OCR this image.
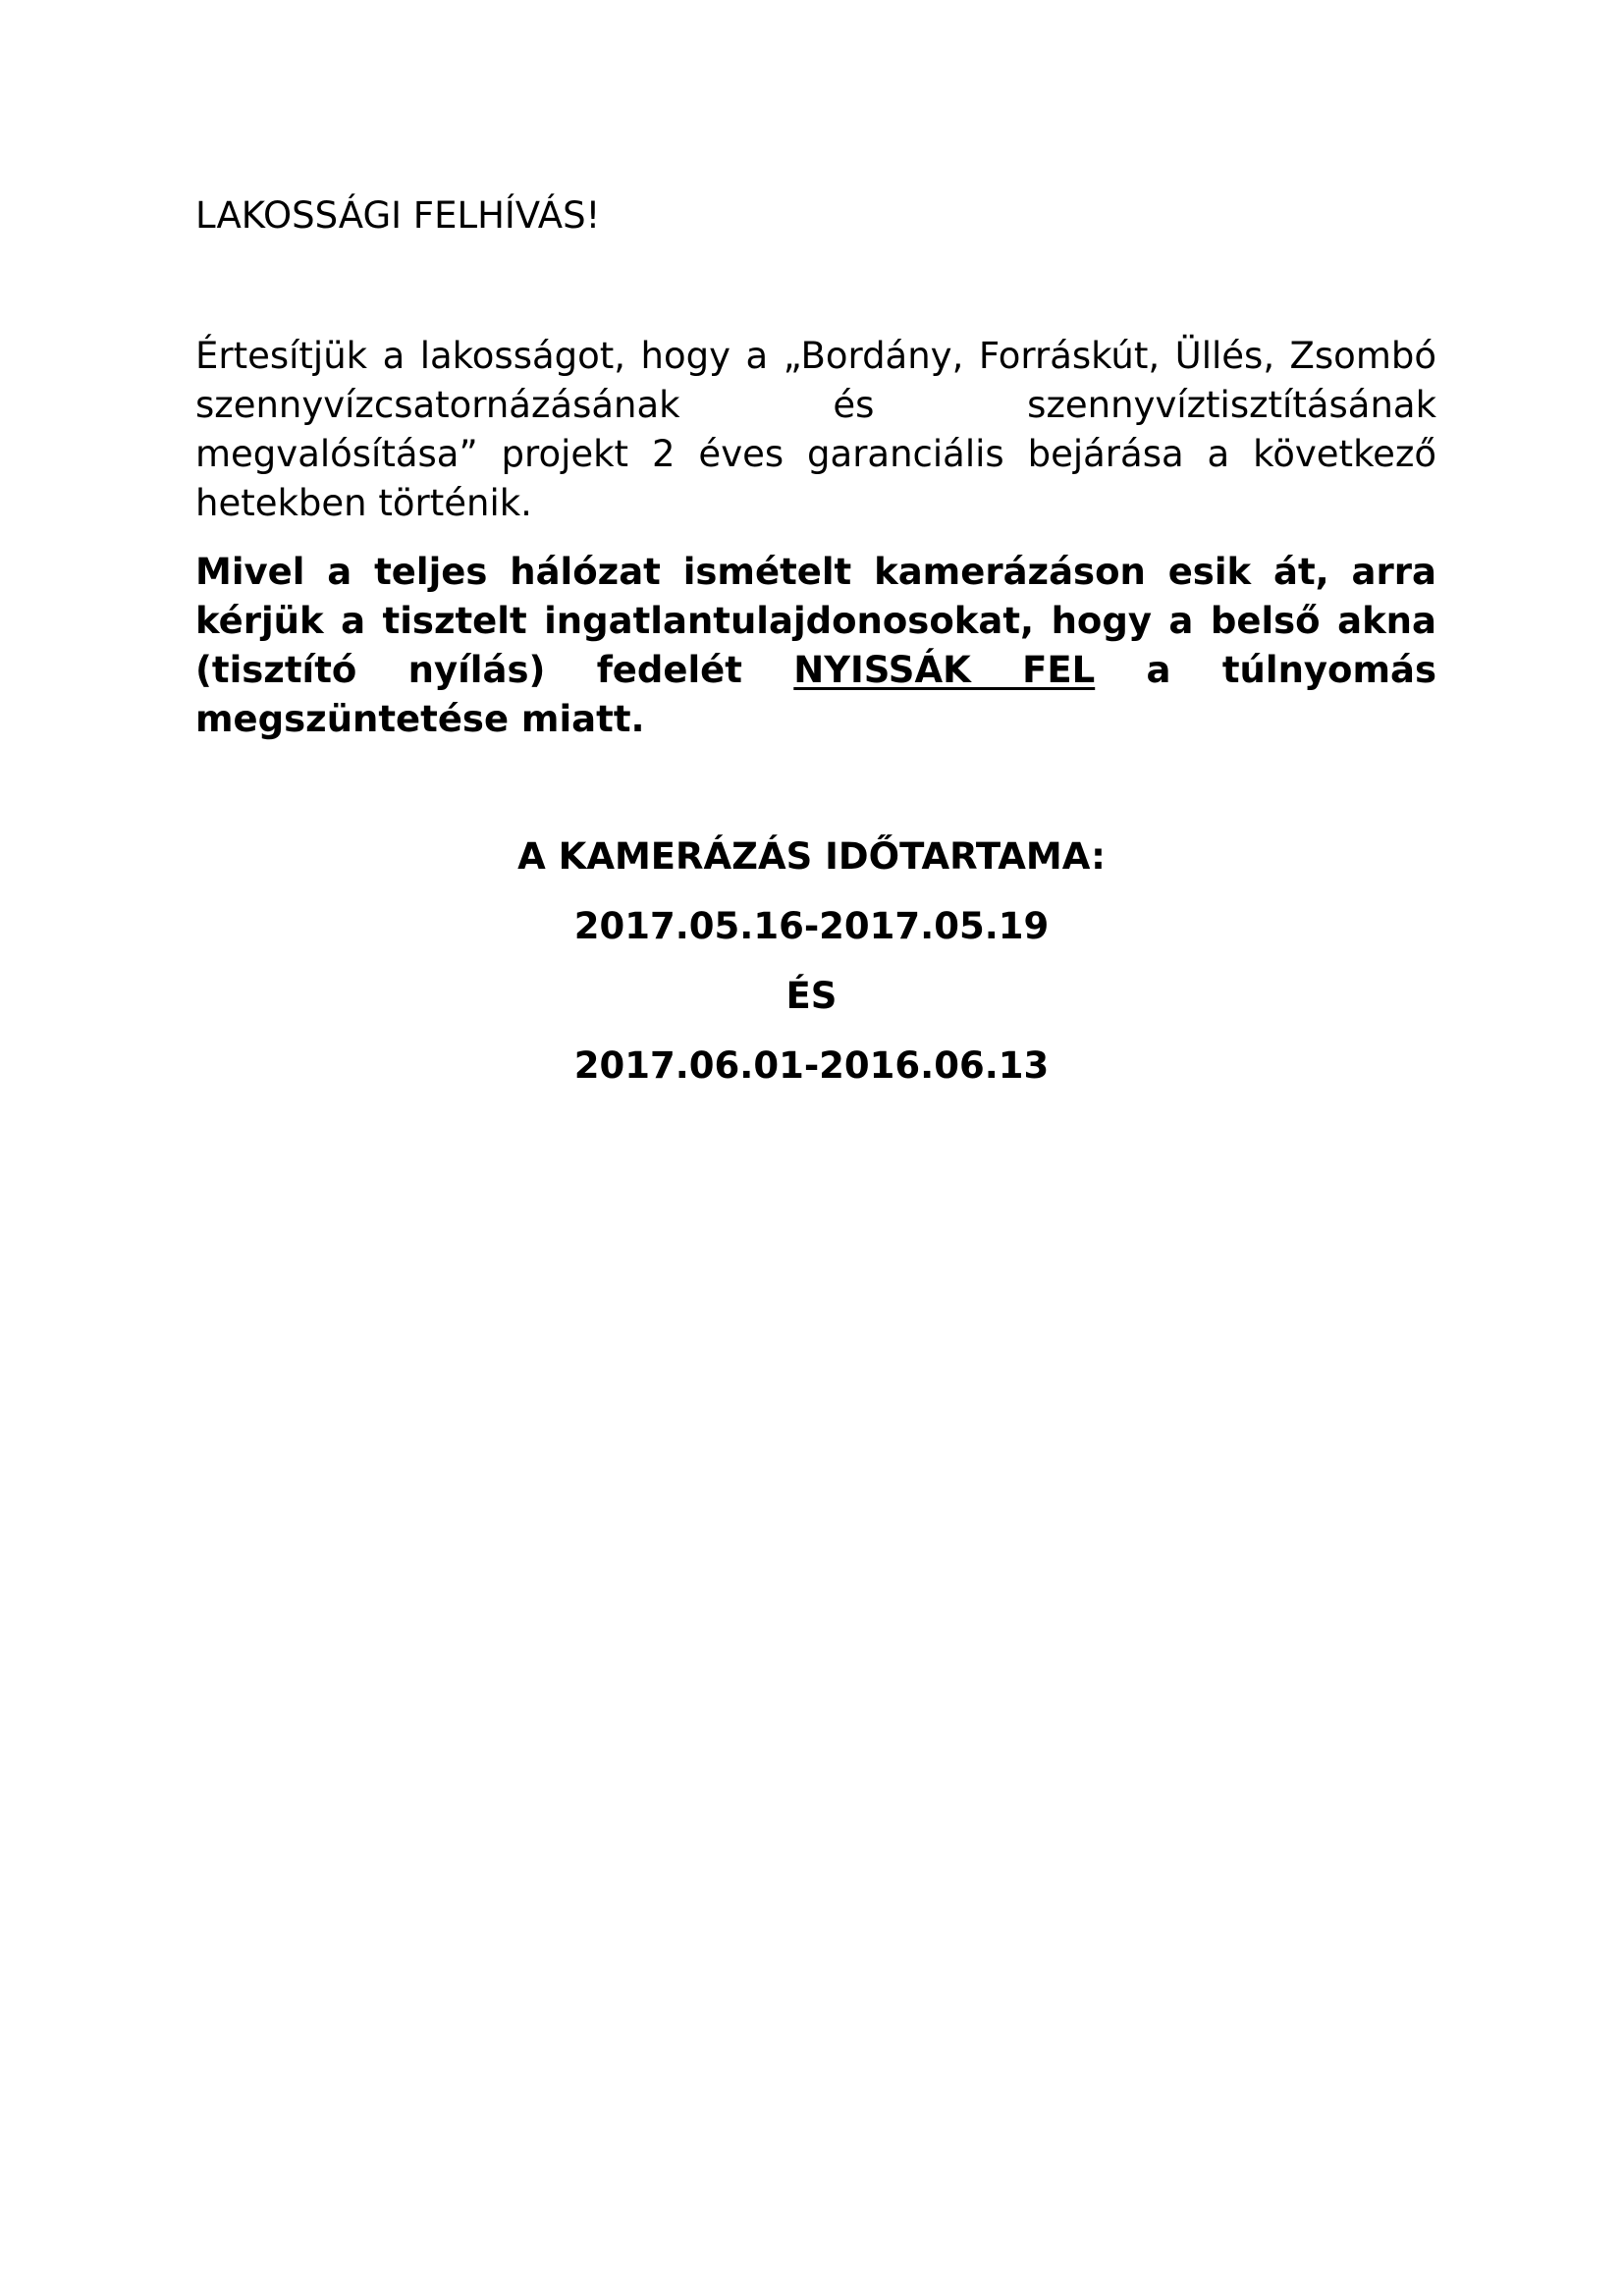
LAKOSSÁGI FELHÍVÁS!

Értesítjük a lakosságot, hogy a „Bordány, Forráskút, Üllés, Zsombó szennyvízcsatornázásának és szennyvíztisztításának megvalósítása” projekt 2 éves garanciális bejárása a következő hetekben történik.

Mivel a teljes hálózat ismételt kamerázáson esik át, arra kérjük a tisztelt ingatlantulajdonosokat, hogy a belső akna (tisztító nyílás) fedelét NYISSÁK FEL a túlnyomás megszüntetése miatt.

A KAMERÁZÁS IDŐTARTAMA:

2017.05.16-2017.05.19

ÉS

2017.06.01-2016.06.13
